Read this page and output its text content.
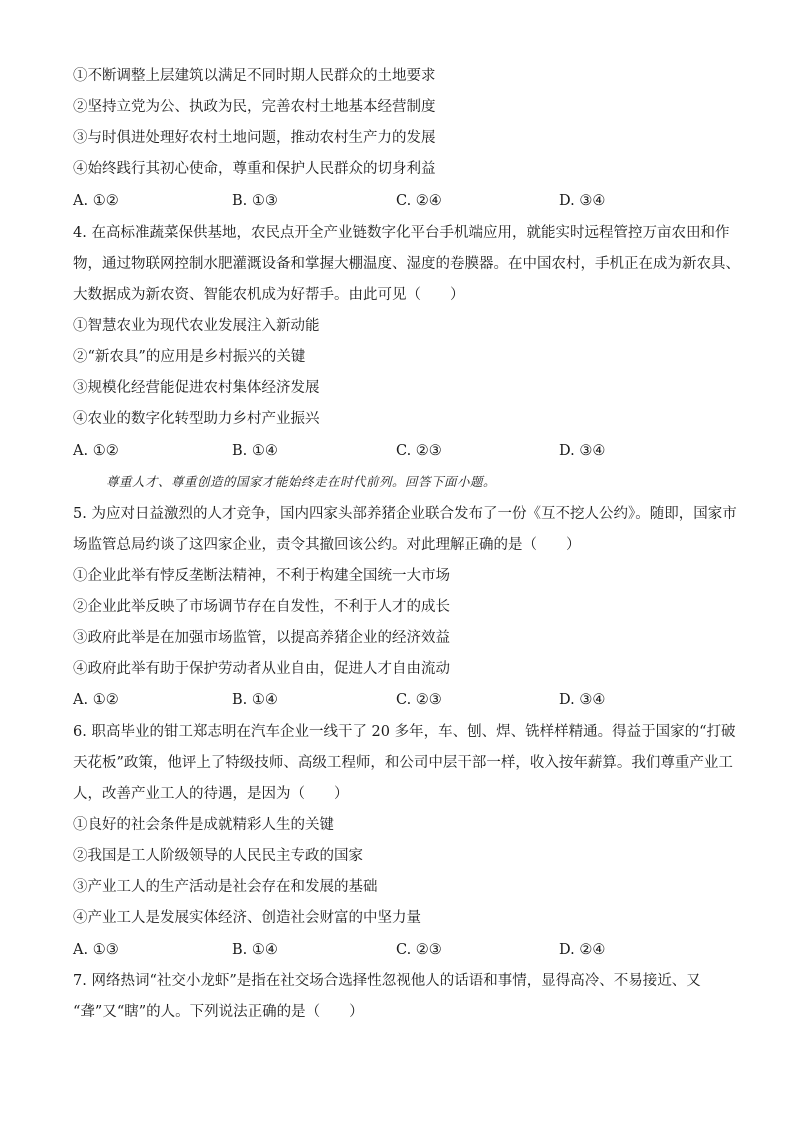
①不断调整上层建筑以满足不同时期人民群众的土地要求
②坚持立党为公、执政为民，完善农村土地基本经营制度
③与时俱进处理好农村土地问题，推动农村生产力的发展
④始终践行其初心使命，尊重和保护人民群众的切身利益
A. ①②	B. ①③	C. ②④	D. ③④
4. 在高标准蔬菜保供基地，农民点开全产业链数字化平台手机端应用，就能实时远程管控万亩农田和作
物，通过物联网控制水肥灌溉设备和掌握大棚温度、湿度的卷膜器。在中国农村，手机正在成为新农具、
大数据成为新农资、智能农机成为好帮手。由此可见（　　）
①智慧农业为现代农业发展注入新动能
②“新农具”的应用是乡村振兴的关键
③规模化经营能促进农村集体经济发展
④农业的数字化转型助力乡村产业振兴
A. ①②	B. ①④	C. ②③	D. ③④
尊重人才、尊重创造的国家才能始终走在时代前列。回答下面小题。
5. 为应对日益激烈的人才竞争，国内四家头部养猪企业联合发布了一份《互不挖人公约》。随即，国家市
场监管总局约谈了这四家企业，责令其撤回该公约。对此理解正确的是（　　）
①企业此举有悖反垄断法精神，不利于构建全国统一大市场
②企业此举反映了市场调节存在自发性，不利于人才的成长
③政府此举是在加强市场监管，以提高养猪企业的经济效益
④政府此举有助于保护劳动者从业自由，促进人才自由流动
A. ①②	B. ①④	C. ②③	D. ③④
6. 职高毕业的钳工郑志明在汽车企业一线干了 20 多年，车、刨、焊、铣样样精通。得益于国家的“打破
天花板”政策，他评上了特级技师、高级工程师，和公司中层干部一样，收入按年薪算。我们尊重产业工
人，改善产业工人的待遇，是因为（　　）
①良好的社会条件是成就精彩人生的关键
②我国是工人阶级领导的人民民主专政的国家
③产业工人的生产活动是社会存在和发展的基础
④产业工人是发展实体经济、创造社会财富的中坚力量
A. ①③	B. ①④	C. ②③	D. ②④
7. 网络热词“社交小龙虾”是指在社交场合选择性忽视他人的话语和事情，显得高冷、不易接近、又
“聋”又“瞎”的人。下列说法正确的是（　　）
